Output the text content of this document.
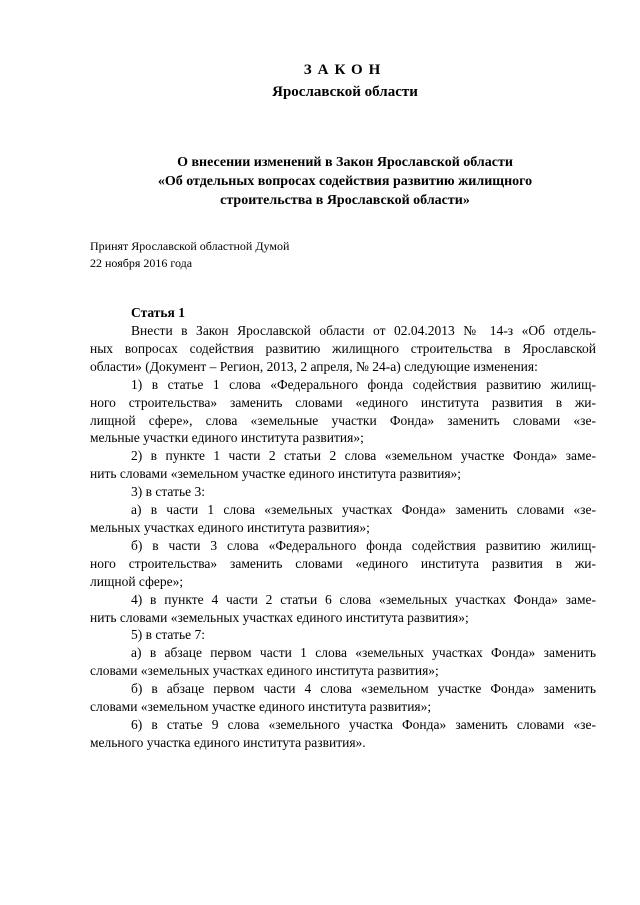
ЗАКОН
Ярославской области
О внесении изменений в Закон Ярославской области
«Об отдельных вопросах содействия развитию жилищного
строительства в Ярославской области»
Принят Ярославской областной Думой
22 ноября 2016 года
Статья 1
Внести в Закон Ярославской области от 02.04.2013 № 14-з «Об отдель-
ных вопросах содействия развитию жилищного строительства в Ярославской
области» (Документ – Регион, 2013, 2 апреля, № 24-а) следующие изменения:
1) в статье 1 слова «Федерального фонда содействия развитию жилищ-
ного строительства» заменить словами «единого института развития в жи-
лищной сфере», слова «земельные участки Фонда» заменить словами «зе-
мельные участки единого института развития»;
2) в пункте 1 части 2 статьи 2 слова «земельном участке Фонда» заме-
нить словами «земельном участке единого института развития»;
3) в статье 3:
а) в части 1 слова «земельных участках Фонда» заменить словами «зе-
мельных участках единого института развития»;
б) в части 3 слова «Федерального фонда содействия развитию жилищ-
ного строительства» заменить словами «единого института развития в жи-
лищной сфере»;
4) в пункте 4 части 2 статьи 6 слова «земельных участках Фонда» заме-
нить словами «земельных участках единого института развития»;
5) в статье 7:
а) в абзаце первом части 1 слова «земельных участках Фонда» заменить
словами «земельных участках единого института развития»;
б) в абзаце первом части 4 слова «земельном участке Фонда» заменить
словами «земельном участке единого института развития»;
6) в статье 9 слова «земельного участка Фонда» заменить словами «зе-
мельного участка единого института развития».
